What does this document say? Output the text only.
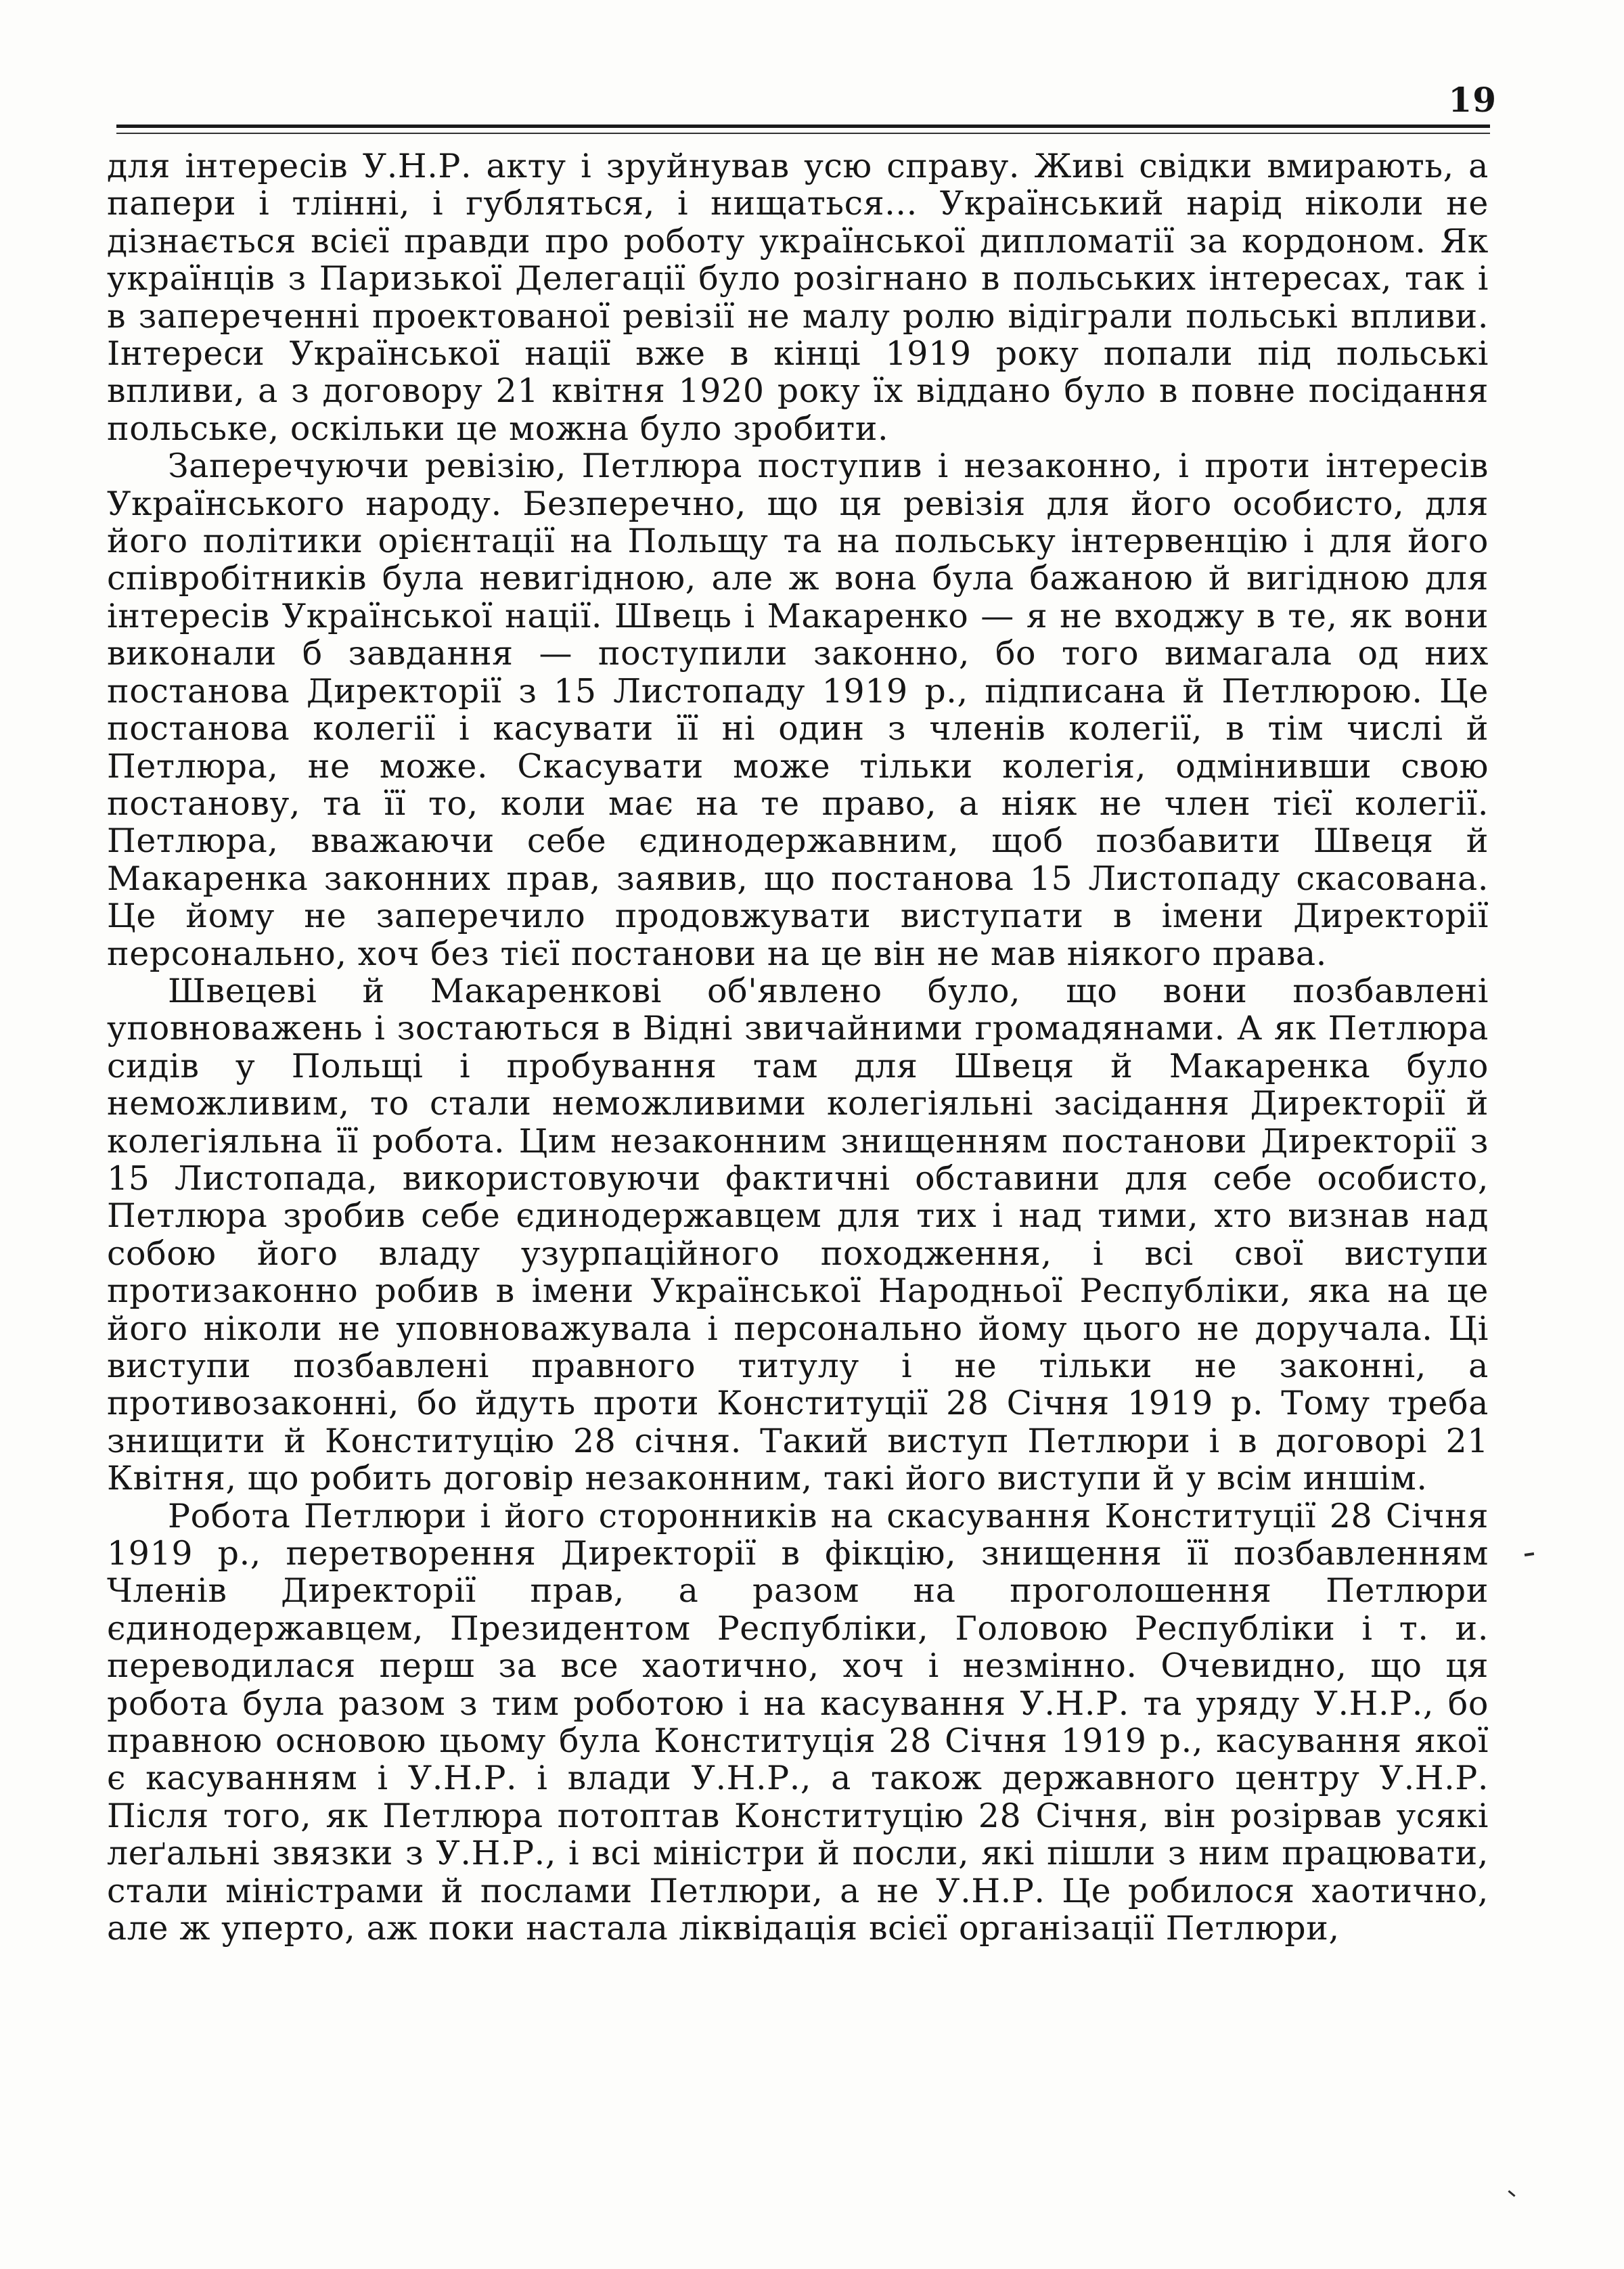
19

для інтересів У.Н.Р. акту і зруйнував усю справу. Живі свідки вмирають, а папери і тлінні, і губляться, і нищаться... Український нарід ніколи не дізнається всієї правди про роботу української дипломатії за кордоном. Як українців з Паризької Делегації було розігнано в польських інтересах, так і в запереченні проектованої ревізії не малу ролю відіграли польські впливи. Інтереси Української нації вже в кінці 1919 року попали під польські впливи, а з договору 21 квітня 1920 року їх віддано було в повне посідання польське, оскільки це можна було зробити.

Заперечуючи ревізію, Петлюра поступив і незаконно, і проти інтересів Українського народу. Безперечно, що ця ревізія для його особисто, для його політики орієнтації на Польщу та на польську інтервенцію і для його співробітників була невигідною, але ж вона була бажаною й вигідною для інтересів Української нації. Швець і Макаренко — я не входжу в те, як вони виконали б завдання — поступили законно, бо того вимагала од них постанова Директорії з 15 Листопаду 1919 р., підписана й Петлюрою. Це постанова колегії і касувати її ні один з членів колегії, в тім числі й Петлюра, не може. Скасувати може тільки колегія, одмінивши свою постанову, та її то, коли має на те право, а ніяк не член тієї колегії. Петлюра, вважаючи себе єдинодержавним, щоб позбавити Швеця й Макаренка законних прав, заявив, що постанова 15 Листопаду скасована. Це йому не заперечило продовжувати виступати в імени Директорії персонально, хоч без тієї постанови на це він не мав ніякого права.

Швецеві й Макаренкові об'явлено було, що вони позбавлені уповноважень і зостаються в Відні звичайними громадянами. А як Петлюра сидів у Польщі і пробування там для Швеця й Макаренка було неможливим, то стали неможливими колегіяльні засідання Директорії й колегіяльна її робота. Цим незаконним знищенням постанови Директорії з 15 Листопада, використовуючи фактичні обставини для себе особисто, Петлюра зробив себе єдинодержавцем для тих і над тими, хто визнав над собою його владу узурпаційного походження, і всі свої виступи протизаконно робив в імени Української Народньої Республіки, яка на це його ніколи не уповноважувала і персонально йому цього не доручала. Ці виступи позбавлені правного титулу і не тільки не законні, а противозаконні, бо йдуть проти Конституції 28 Січня 1919 р. Тому треба знищити й Конституцію 28 січня. Такий виступ Петлюри і в договорі 21 Квітня, що робить договір незаконним, такі його виступи й у всім иншім.

Робота Петлюри і його сторонників на скасування Конституції 28 Січня 1919 р., перетворення Директорії в фікцію, знищення її позбавленням Членів Директорії прав, а разом на проголошення Петлюри єдинодержавцем, Президентом Республіки, Головою Республіки і т. и. переводилася перш за все хаотично, хоч і незмінно. Очевидно, що ця робота була разом з тим роботою і на касування У.Н.Р. та уряду У.Н.Р., бо правною основою цьому була Конституція 28 Січня 1919 р., касування якої є касуванням і У.Н.Р. і влади У.Н.Р., а також державного центру У.Н.Р. Після того, як Петлюра потоптав Конституцію 28 Січня, він розірвав усякі леґальні звязки з У.Н.Р., і всі міністри й посли, які пішли з ним працювати, стали міністрами й послами Петлюри, а не У.Н.Р. Це робилося хаотично, але ж уперто, аж поки настала ліквідація всієї організації Петлюри,
